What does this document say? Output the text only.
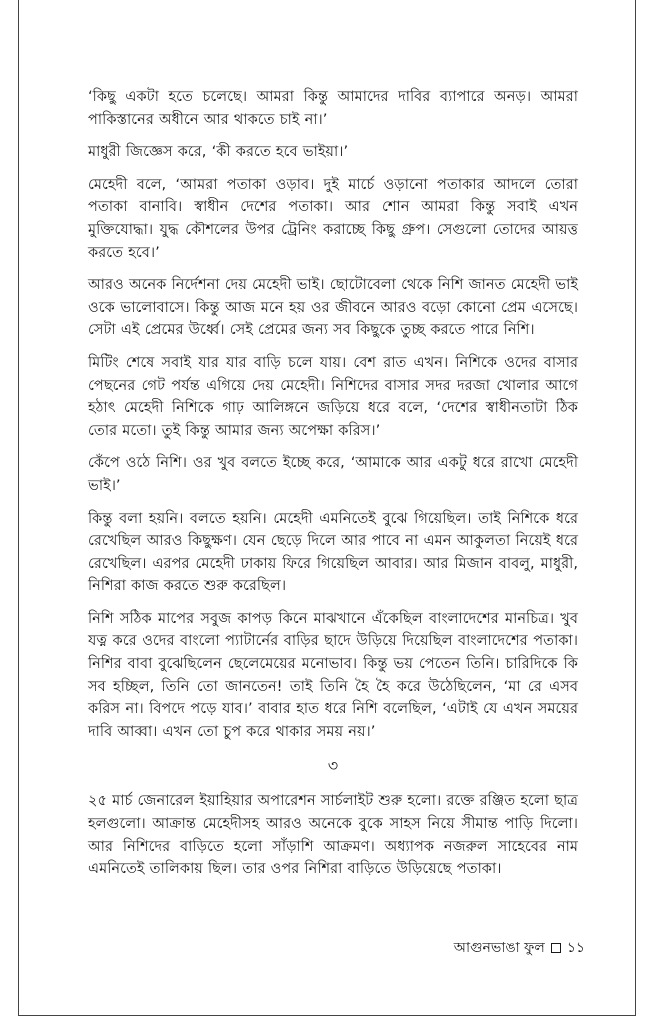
‘কিছু একটা হতে চলেছে। আমরা কিন্তু আমাদের দাবির ব্যাপারে অনড়। আমরা পাকিস্তানের অধীনে আর থাকতে চাই না।’

মাধুরী জিজ্ঞেস করে, ‘কী করতে হবে ভাইয়া।’

মেহেদী বলে, ‘আমরা পতাকা ওড়াব। দুই মার্চে ওড়ানো পতাকার আদলে তোরা পতাকা বানাবি। স্বাধীন দেশের পতাকা। আর শোন আমরা কিন্তু সবাই এখন মুক্তিযোদ্ধা। যুদ্ধ কৌশলের উপর ট্রেনিং করাচ্ছে কিছু গ্রুপ। সেগুলো তোদের আয়ত্ত করতে হবে।’

আরও অনেক নির্দেশনা দেয় মেহেদী ভাই। ছোটোবেলা থেকে নিশি জানত মেহেদী ভাই ওকে ভালোবাসে। কিন্তু আজ মনে হয় ওর জীবনে আরও বড়ো কোনো প্রেম এসেছে। সেটা এই প্রেমের উর্ধ্বে। সেই প্রেমের জন্য সব কিছুকে তুচ্ছ করতে পারে নিশি।

মিটিং শেষে সবাই যার যার বাড়ি চলে যায়। বেশ রাত এখন। নিশিকে ওদের বাসার পেছনের গেট পর্যন্ত এগিয়ে দেয় মেহেদী। নিশিদের বাসার সদর দরজা খোলার আগে হঠাৎ মেহেদী নিশিকে গাঢ় আলিঙ্গনে জড়িয়ে ধরে বলে, ‘দেশের স্বাধীনতাটা ঠিক তোর মতো। তুই কিন্তু আমার জন্য অপেক্ষা করিস।’

কেঁপে ওঠে নিশি। ওর খুব বলতে ইচ্ছে করে, ‘আমাকে আর একটু ধরে রাখো মেহেদী ভাই।’

কিন্তু বলা হয়নি। বলতে হয়নি। মেহেদী এমনিতেই বুঝে গিয়েছিল। তাই নিশিকে ধরে রেখেছিল আরও কিছুক্ষণ। যেন ছেড়ে দিলে আর পাবে না এমন আকুলতা নিয়েই ধরে রেখেছিল। এরপর মেহেদী ঢাকায় ফিরে গিয়েছিল আবার। আর মিজান বাবলু, মাধুরী, নিশিরা কাজ করতে শুরু করেছিল।

নিশি সঠিক মাপের সবুজ কাপড় কিনে মাঝখানে এঁকেছিল বাংলাদেশের মানচিত্র। খুব যত্ন করে ওদের বাংলো প্যাটার্নের বাড়ির ছাদে উড়িয়ে দিয়েছিল বাংলাদেশের পতাকা। নিশির বাবা বুঝেছিলেন ছেলেমেয়ের মনোভাব। কিন্তু ভয় পেতেন তিনি। চারিদিকে কি সব হচ্ছিল, তিনি তো জানতেন! তাই তিনি হৈ হৈ করে উঠেছিলেন, ‘মা রে এসব করিস না। বিপদে পড়ে যাব।’ বাবার হাত ধরে নিশি বলেছিল, ‘এটাই যে এখন সময়ের দাবি আব্বা। এখন তো চুপ করে থাকার সময় নয়।’

৩

২৫ মার্চ জেনারেল ইয়াহিয়ার অপারেশন সার্চলাইট শুরু হলো। রক্তে রঞ্জিত হলো ছাত্র হলগুলো। আক্রান্ত মেহেদীসহ আরও অনেকে বুকে সাহস নিয়ে সীমান্ত পাড়ি দিলো। আর নিশিদের বাড়িতে হলো সাঁড়াশি আক্রমণ। অধ্যাপক নজরুল সাহেবের নাম এমনিতেই তালিকায় ছিল। তার ওপর নিশিরা বাড়িতে উড়িয়েছে পতাকা।

আগুনভাঙা ফুল ১১
